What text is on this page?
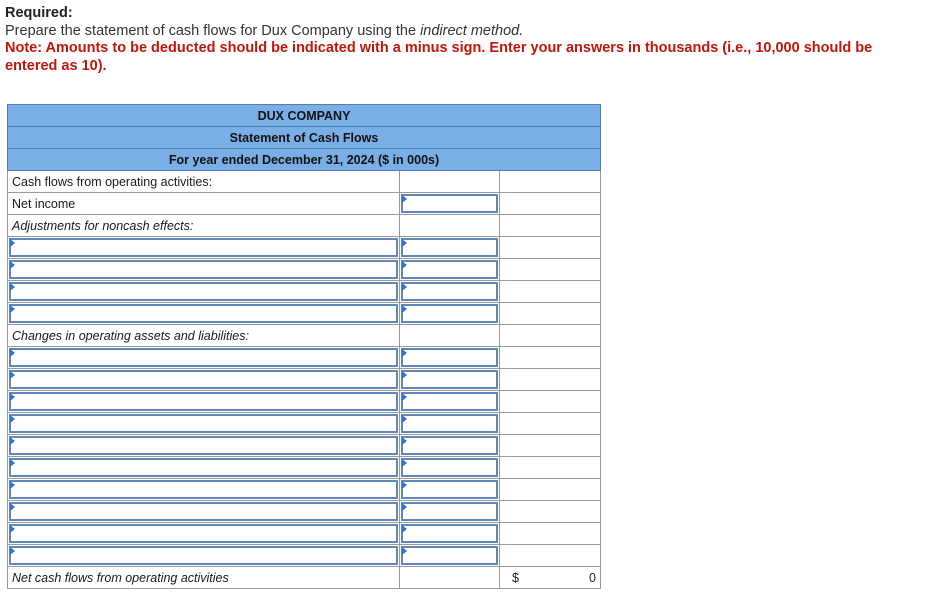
Required:
Prepare the statement of cash flows for Dux Company using the indirect method.
Note: Amounts to be deducted should be indicated with a minus sign. Enter your answers in thousands (i.e., 10,000 should be entered as 10).
DUX COMPANY		
Statement of Cash Flows		
For year ended December 31, 2024 ($ in 000s)		
Cash flows from operating activities:		
Net income	

Adjustments for noncash effects:		

Changes in operating assets and liabilities:		

Net cash flows from operating activities		$ 0
